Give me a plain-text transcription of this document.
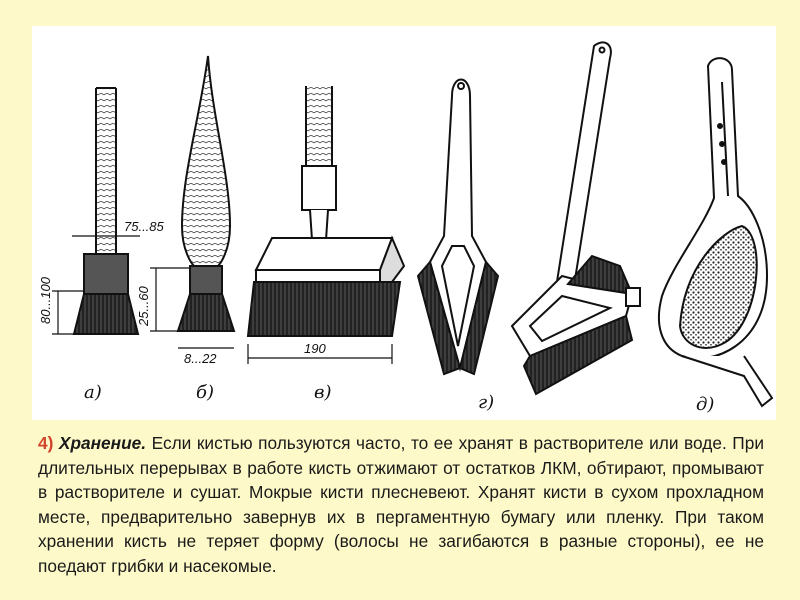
75...85
80...100	25...60
8...22
190
а)	б)	в)	г)	д)
4) Хранение. Если кистью пользуются часто, то ее хранят в растворителе или воде. При длительных перерывах в работе кисть отжимают от остатков ЛКМ, обтирают, промывают в растворителе и сушат. Мокрые кисти плесневеют. Хранят кисти в сухом прохладном месте, предварительно завернув их в пергаментную бумагу или пленку. При таком хранении кисть не теряет форму (волосы не загибаются в разные стороны), ее не поедают грибки и насекомые.
